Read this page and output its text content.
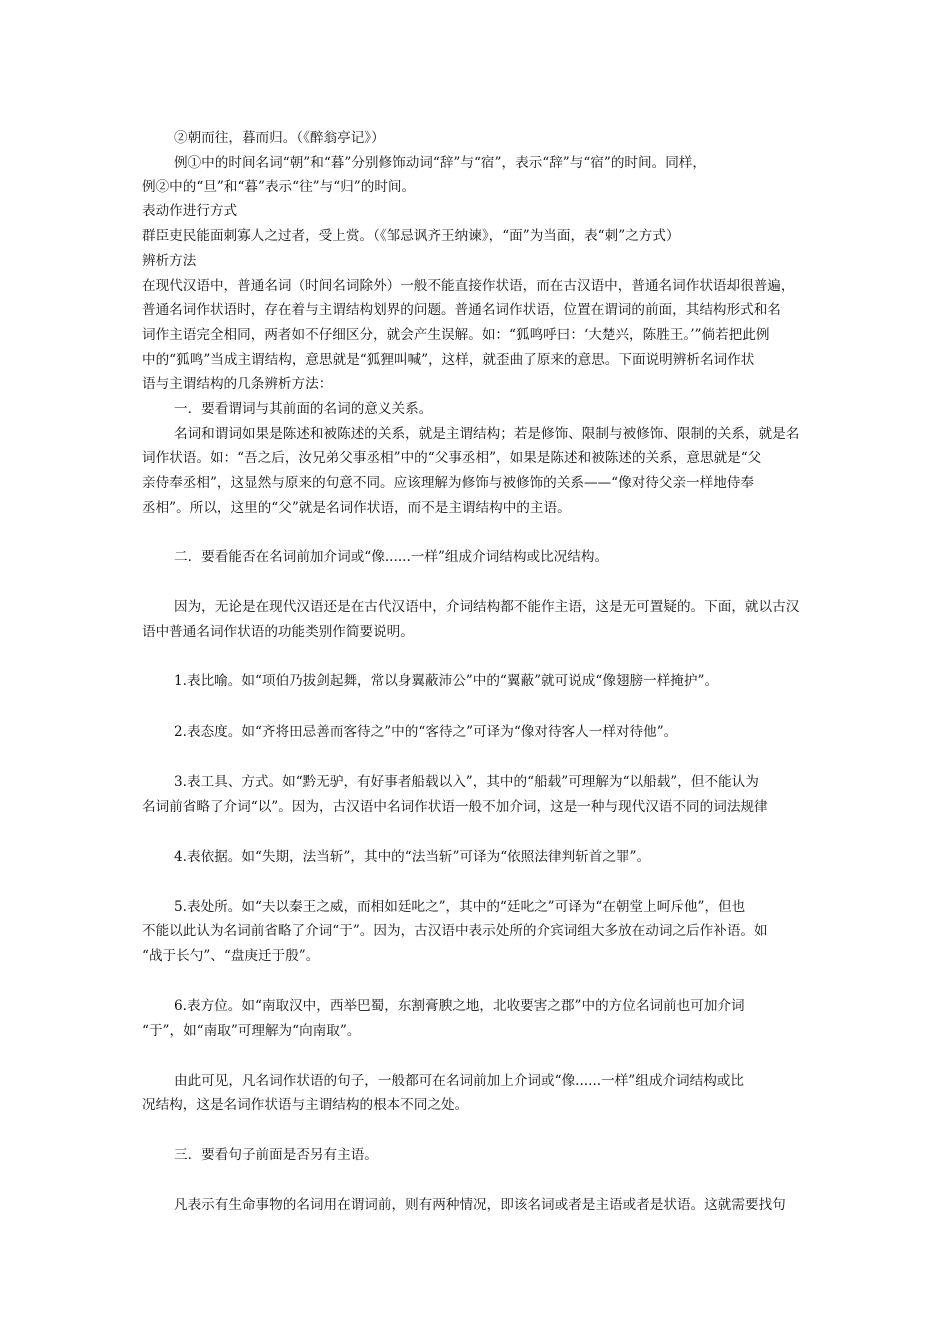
②朝而往，暮而归。（《醉翁亭记》）
例①中的时间名词“朝”和“暮”分别修饰动词“辞”与“宿”，表示“辞”与“宿”的时间。同样，
例②中的“旦”和“暮”表示“往”与“归”的时间。
表动作进行方式
群臣吏民能面刺寡人之过者，受上赏。（《邹忌讽齐王纳谏》，“面”为当面，表“刺”之方式）
辨析方法
在现代汉语中，普通名词（时间名词除外）一般不能直接作状语，而在古汉语中，普通名词作状语却很普遍，
普通名词作状语时，存在着与主谓结构划界的问题。普通名词作状语，位置在谓词的前面，其结构形式和名
词作主语完全相同，两者如不仔细区分，就会产生误解。如：“狐鸣呼曰：‘大楚兴，陈胜王。’”倘若把此例
中的“狐鸣”当成主谓结构，意思就是“狐狸叫喊”，这样，就歪曲了原来的意思。下面说明辨析名词作状
语与主谓结构的几条辨析方法：
一．要看谓词与其前面的名词的意义关系。
名词和谓词如果是陈述和被陈述的关系，就是主谓结构；若是修饰、限制与被修饰、限制的关系，就是名
词作状语。如：“吾之后，汝兄弟父事丞相”中的“父事丞相”，如果是陈述和被陈述的关系，意思就是“父
亲侍奉丞相”，这显然与原来的句意不同。应该理解为修饰与被修饰的关系——“像对待父亲一样地侍奉
丞相”。所以，这里的“父”就是名词作状语，而不是主谓结构中的主语。
二．要看能否在名词前加介词或“像......一样”组成介词结构或比况结构。
因为，无论是在现代汉语还是在古代汉语中，介词结构都不能作主语，这是无可置疑的。下面，就以古汉
语中普通名词作状语的功能类别作简要说明。
1.表比喻。如“项伯乃拔剑起舞，常以身翼蔽沛公”中的“翼蔽”就可说成“像翅膀一样掩护”。
2.表态度。如“齐将田忌善而客待之”中的“客待之”可译为“像对待客人一样对待他”。
3.表工具、方式。如“黔无驴，有好事者船载以入”，其中的“船载”可理解为“以船载”，但不能认为
名词前省略了介词“以”。因为，古汉语中名词作状语一般不加介词，这是一种与现代汉语不同的词法规律
4.表依据。如“失期，法当斩”，其中的“法当斩”可译为“依照法律判斩首之罪”。
5.表处所。如“夫以秦王之威，而相如廷叱之”，其中的“廷叱之”可译为“在朝堂上呵斥他”，但也
不能以此认为名词前省略了介词“于”。因为，古汉语中表示处所的介宾词组大多放在动词之后作补语。如
“战于长勺”、“盘庚迁于殷”。
6.表方位。如“南取汉中，西举巴蜀，东割膏腴之地，北收要害之郡”中的方位名词前也可加介词
“于”，如“南取”可理解为“向南取”。
由此可见，凡名词作状语的句子，一般都可在名词前加上介词或“像......一样”组成介词结构或比
况结构，这是名词作状语与主谓结构的根本不同之处。
三．要看句子前面是否另有主语。
凡表示有生命事物的名词用在谓词前，则有两种情况，即该名词或者是主语或者是状语。这就需要找句
